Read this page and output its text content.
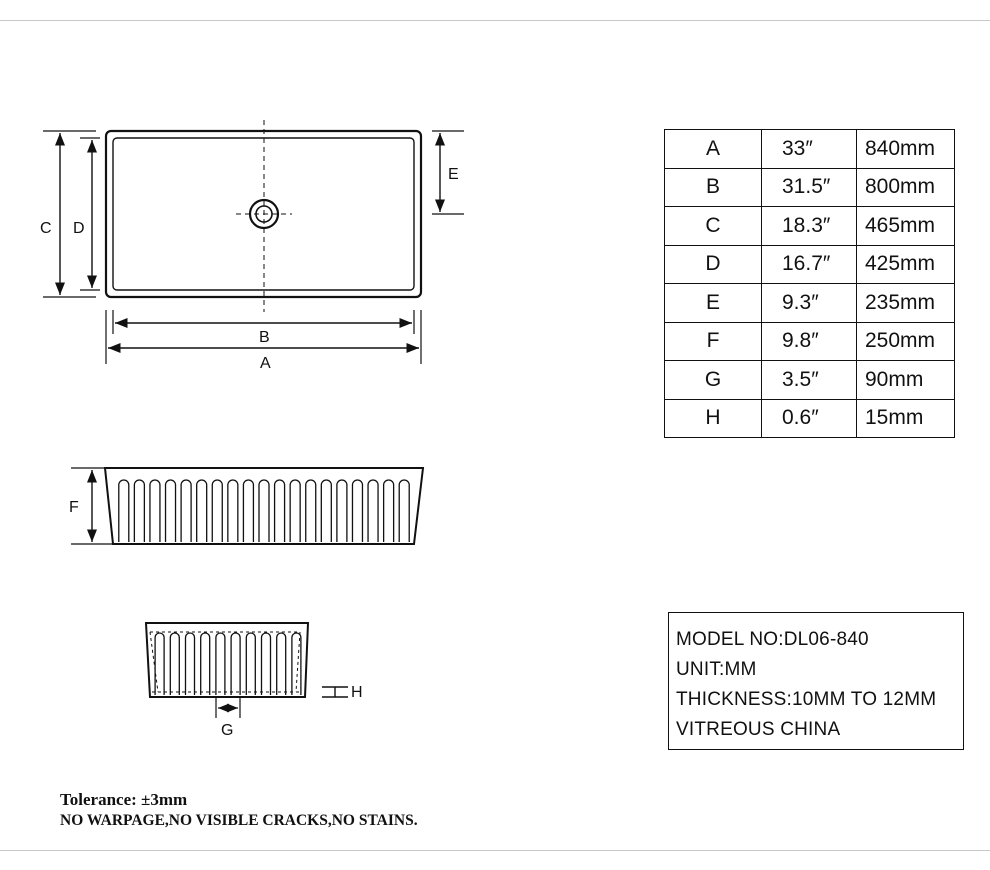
C D
E
B
A
F
G
H
A	33″	840mm
B	31.5″	800mm
C	18.3″	465mm
D	16.7″	425mm
E	9.3″	235mm
F	9.8″	250mm
G	3.5″	90mm
H	0.6″	15mm
MODEL NO:DL06-840
UNIT:MM
THICKNESS:10MM TO 12MM
VITREOUS CHINA
Tolerance: ±3mm
NO WARPAGE,NO VISIBLE CRACKS,NO STAINS.
